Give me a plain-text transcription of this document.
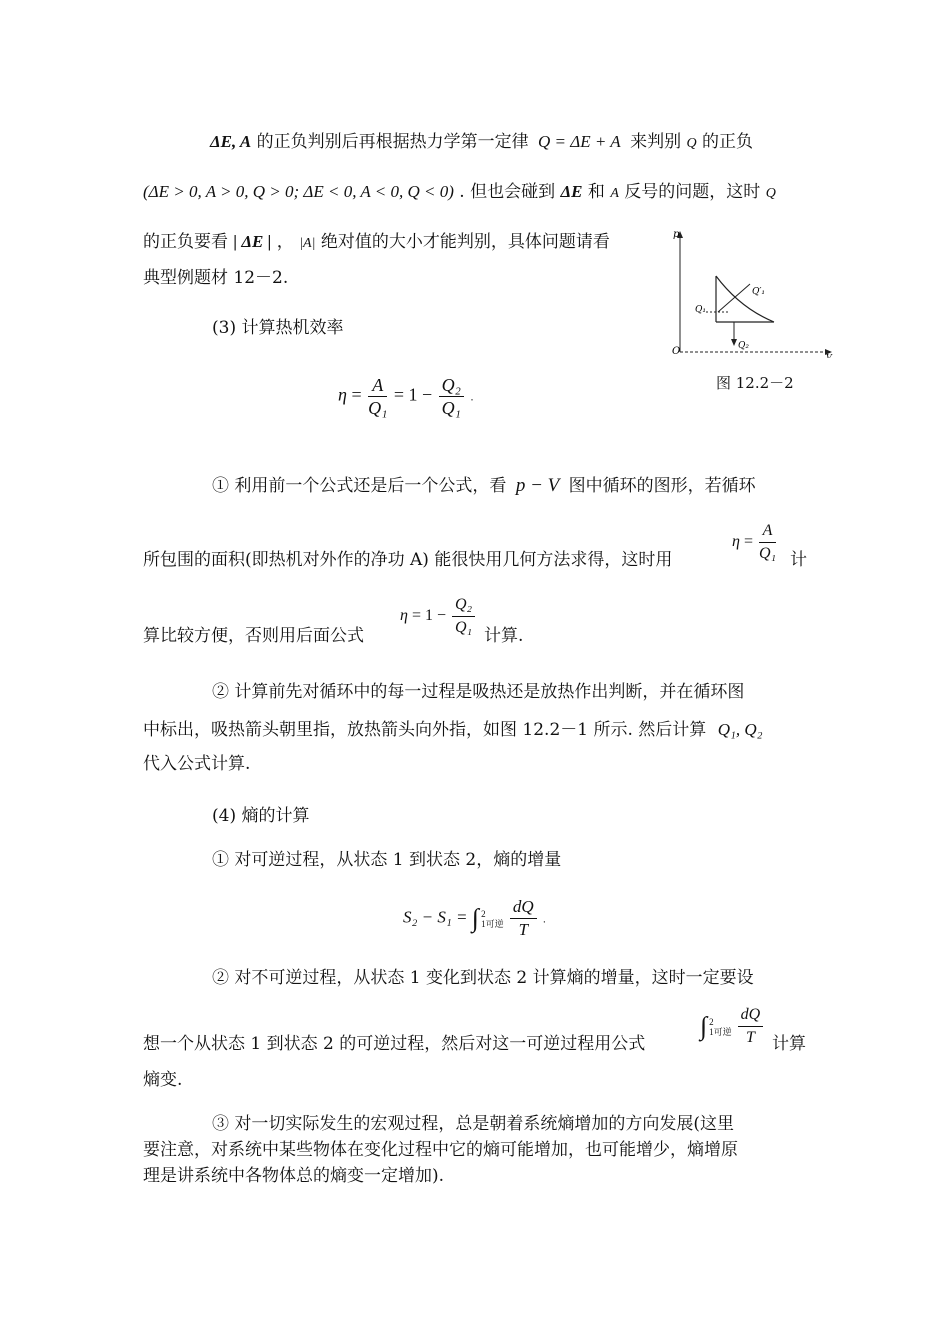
ΔE, A 的正负判别后再根据热力学第一定律 Q = ΔE + A 来判别 Q 的正负
(ΔE > 0, A > 0, Q > 0; ΔE < 0, A < 0, Q < 0) . 但也会碰到 ΔE 和 A 反号的问题，这时 Q
的正负要看 | ΔE | ， |A| 绝对值的大小才能判别，具体问题请看
典型例题材 12－2.
(3) 计算热机效率
$\eta = \frac{A}{\text{Q₁}} = 1 - \frac{\text{Q₂}}{\text{Q₁}}$ .
p
V
O
Q₁
Q′₁
Q₂
图 12.2－2
① 利用前一个公式还是后一个公式，看 p − V 图中循环的图形，若循环
所包围的面积(即热机对外作的净功 A) 能很快用几何方法求得，这时用
$\eta = \frac{A}{\text{Q₁}}$ 计
算比较方便，否则用后面公式
$\eta = 1 - \frac{\text{Q₂}}{\text{Q₁}}$ 计算.
② 计算前先对循环中的每一过程是吸热还是放热作出判断，并在循环图
中标出，吸热箭头朝里指，放热箭头向外指，如图 12.2－1 所示. 然后计算 Q₁, Q₂
代入公式计算.
(4) 熵的计算
① 对可逆过程，从状态 1 到状态 2，熵的增量
S₂ − S₁ = ∫ 2
1可逆 $\frac{dQ}{T}$ .
② 对不可逆过程，从状态 1 变化到状态 2 计算熵的增量，这时一定要设
想一个从状态 1 到状态 2 的可逆过程，然后对这一可逆过程用公式
∫ 2
1可逆 $\frac{dQ}{T}$ 计算
熵变.
③ 对一切实际发生的宏观过程，总是朝着系统熵增加的方向发展(这里
要注意，对系统中某些物体在变化过程中它的熵可能增加，也可能增少，熵增原
理是讲系统中各物体总的熵变一定增加).
